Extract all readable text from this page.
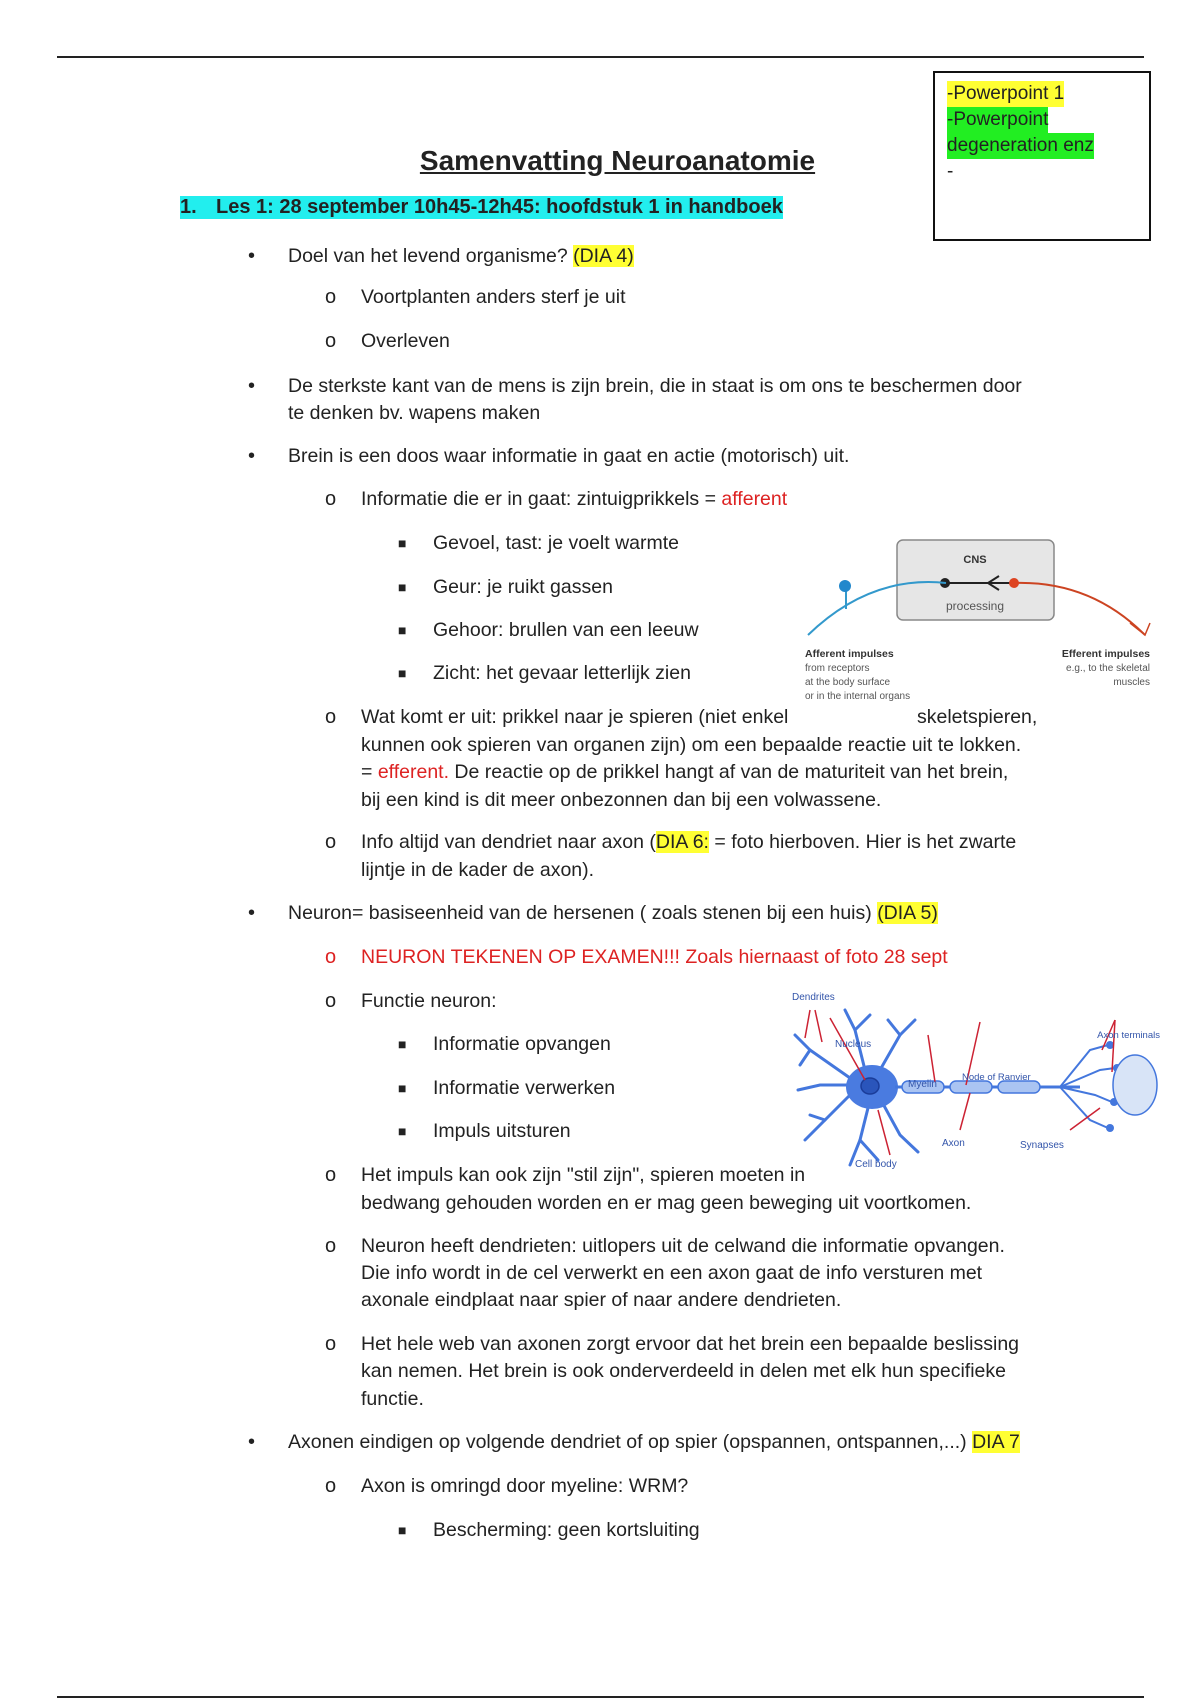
-Powerpoint 1
-Powerpoint
degeneration enz
-
Samenvatting Neuroanatomie
1. Les 1: 28 september 10h45-12h45: hoofdstuk 1 in handboek
• Doel van het levend organisme? (DIA 4)
o Voortplanten anders sterf je uit
o Overleven
• De sterkste kant van de mens is zijn brein, die in staat is om ons te beschermen door
te denken bv. wapens maken
• Brein is een doos waar informatie in gaat en actie (motorisch) uit.
o Informatie die er in gaat: zintuigprikkels = afferent
■ Gevoel, tast: je voelt warmte
■ Geur: je ruikt gassen
■ Gehoor: brullen van een leeuw
■ Zicht: het gevaar letterlijk zien
o Wat komt er uit: prikkel naar je spieren (niet enkel	skeletspieren,
kunnen ook spieren van organen zijn) om een bepaalde reactie uit te lokken.
= efferent. De reactie op de prikkel hangt af van de maturiteit van het brein,
bij een kind is dit meer onbezonnen dan bij een volwassene.
o Info altijd van dendriet naar axon (DIA 6: = foto hierboven. Hier is het zwarte
lijntje in de kader de axon).
• Neuron= basiseenheid van de hersenen ( zoals stenen bij een huis) (DIA 5)
o NEURON TEKENEN OP EXAMEN!!! Zoals hiernaast of foto 28 sept
o Functie neuron:
■ Informatie opvangen
■ Informatie verwerken
■ Impuls uitsturen
o Het impuls kan ook zijn "stil zijn", spieren moeten in
bedwang gehouden worden en er mag geen beweging uit voortkomen.
o Neuron heeft dendrieten: uitlopers uit de celwand die informatie opvangen.
Die info wordt in de cel verwerkt en een axon gaat de info versturen met
axonale eindplaat naar spier of naar andere dendrieten.
o Het hele web van axonen zorgt ervoor dat het brein een bepaalde beslissing
kan nemen. Het brein is ook onderverdeeld in delen met elk hun specifieke
functie.
• Axonen eindigen op volgende dendriet of op spier (opspannen, ontspannen,...) DIA 7
o Axon is omringd door myeline: WRM?
■ Bescherming: geen kortsluiting
CNS
processing
Afferent impulses
from receptors
at the body surface
or in the internal organs
Efferent impulses
e.g., to the skeletal
muscles
Dendrites
Nucleus
Myelin
Node of Ranvier
Axon terminals
Axon	Synapses
Cell body
